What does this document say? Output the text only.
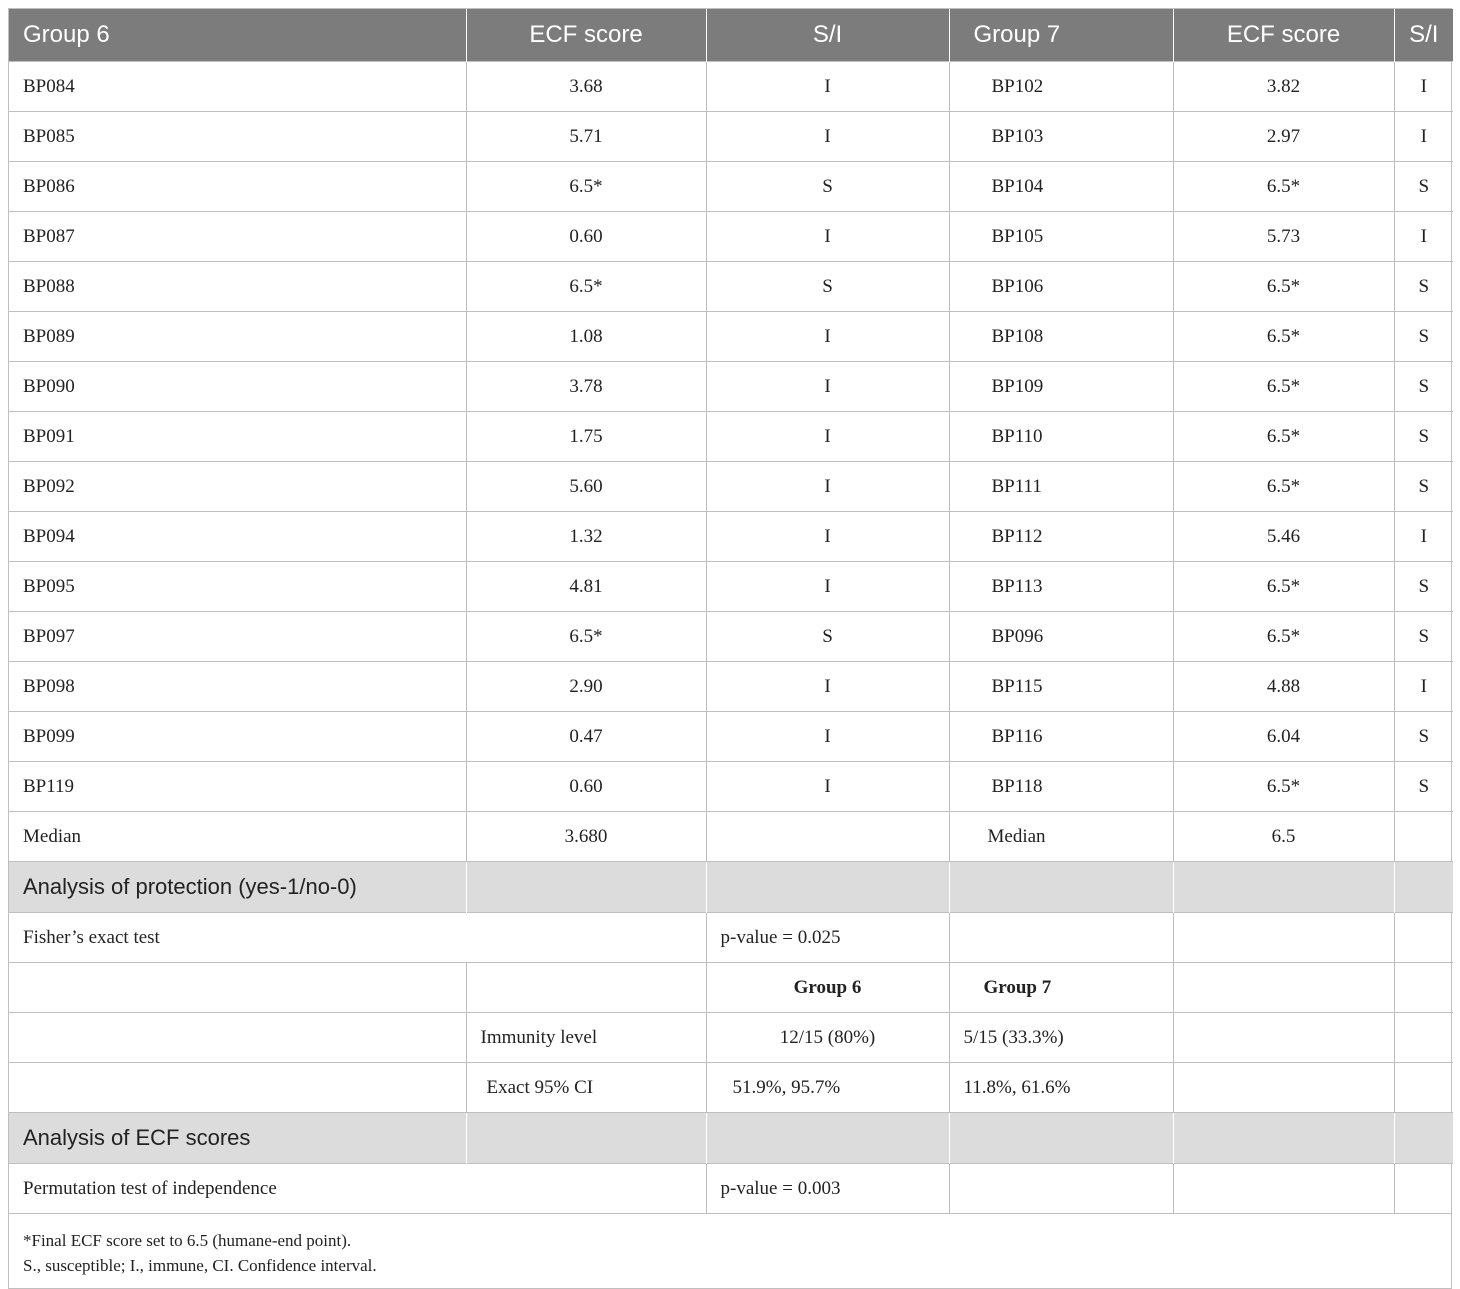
Group 6	ECF score	S/I	Group 7	ECF score	S/I
BP084	3.68	I	BP102	3.82	I
BP085	5.71	I	BP103	2.97	I
BP086	6.5*	S	BP104	6.5*	S
BP087	0.60	I	BP105	5.73	I
BP088	6.5*	S	BP106	6.5*	S
BP089	1.08	I	BP108	6.5*	S
BP090	3.78	I	BP109	6.5*	S
BP091	1.75	I	BP110	6.5*	S
BP092	5.60	I	BP111	6.5*	S
BP094	1.32	I	BP112	5.46	I
BP095	4.81	I	BP113	6.5*	S
BP097	6.5*	S	BP096	6.5*	S
BP098	2.90	I	BP115	4.88	I
BP099	0.47	I	BP116	6.04	S
BP119	0.60	I	BP118	6.5*	S
Median	3.680		Median	6.5	
Analysis of protection (yes-1/no-0)					
Fisher’s exact test		p-value = 0.025			
		Group 6	Group 7		
	Immunity level	12/15 (80%)	5/15 (33.3%)		
	Exact 95% CI	51.9%, 95.7%	11.8%, 61.6%		
Analysis of ECF scores					
Permutation test of independence		p-value = 0.003			
*Final ECF score set to 6.5 (humane-end point).
S., susceptible; I., immune, CI. Confidence interval.
